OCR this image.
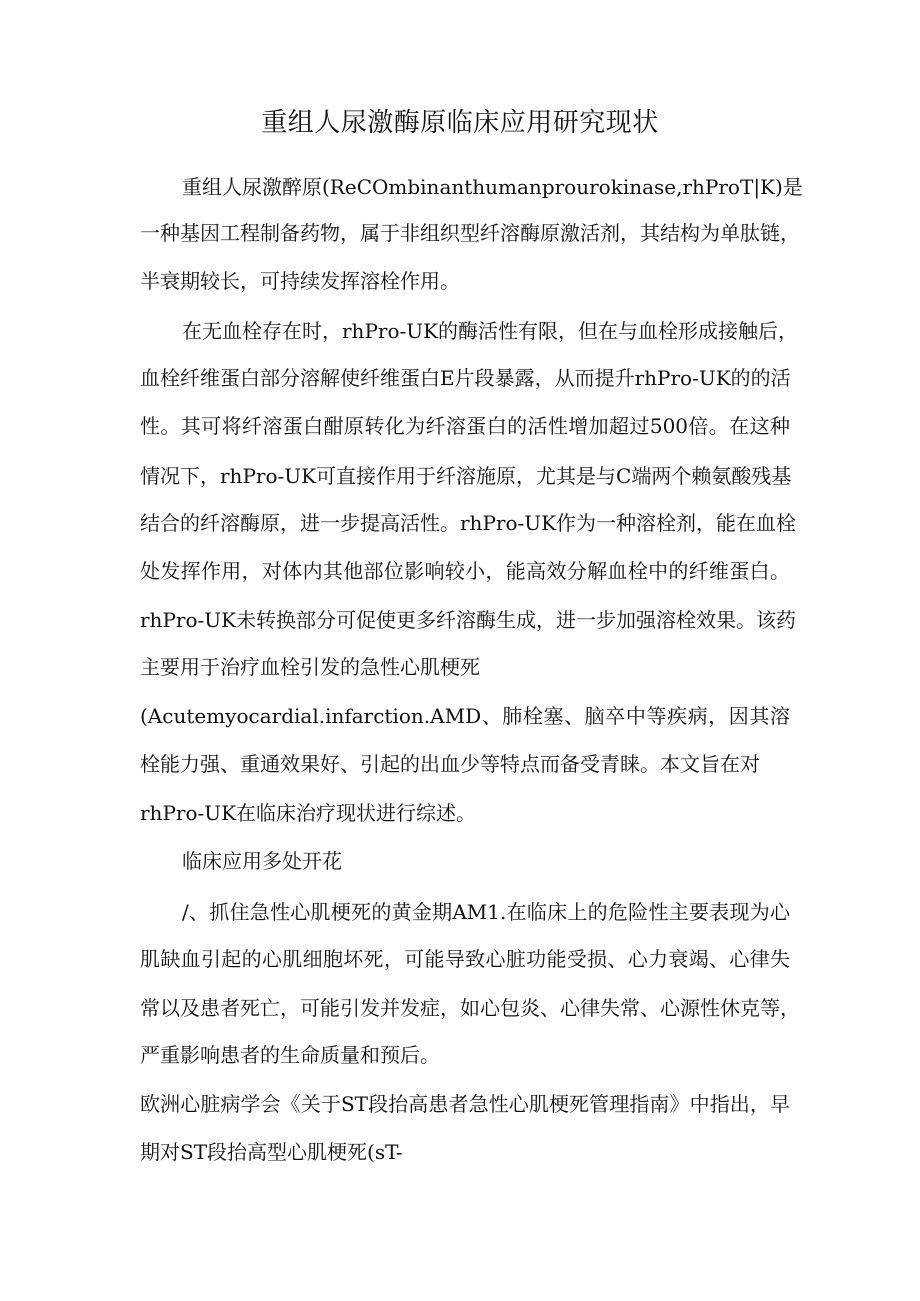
重组人尿激酶原临床应用研究现状
重组人尿激醉原(ReCOmbinanthumanprourokinase,rhProT|K)是
一种基因工程制备药物，属于非组织型纤溶酶原激活剂，其结构为单肽链，
半衰期较长，可持续发挥溶栓作用。
在无血栓存在时，rhPro-UK的酶活性有限，但在与血栓形成接触后，
血栓纤维蛋白部分溶解使纤维蛋白E片段暴露，从而提升rhPro-UK的的活
性。其可将纤溶蛋白酣原转化为纤溶蛋白的活性增加超过500倍。在这种
情况下，rhPro-UK可直接作用于纤溶施原，尤其是与C端两个赖氨酸残基
结合的纤溶酶原，进一步提高活性。rhPro-UK作为一种溶栓剂，能在血栓
处发挥作用，对体内其他部位影响较小，能高效分解血栓中的纤维蛋白。
rhPro-UK未转换部分可促使更多纤溶酶生成，进一步加强溶栓效果。该药
主要用于治疗血栓引发的急性心肌梗死
(Acutemyocardial.infarction.AMD、肺栓塞、脑卒中等疾病，因其溶
栓能力强、重通效果好、引起的出血少等特点而备受青睐。本文旨在对
rhPro-UK在临床治疗现状进行综述。
临床应用多处开花
/、抓住急性心肌梗死的黄金期AM1.在临床上的危险性主要表现为心
肌缺血引起的心肌细胞坏死，可能导致心脏功能受损、心力衰竭、心律失
常以及患者死亡，可能引发并发症，如心包炎、心律失常、心源性休克等，
严重影响患者的生命质量和预后。
欧洲心脏病学会《关于ST段抬高患者急性心肌梗死管理指南》中指出，早
期对ST段抬高型心肌梗死(sT-
